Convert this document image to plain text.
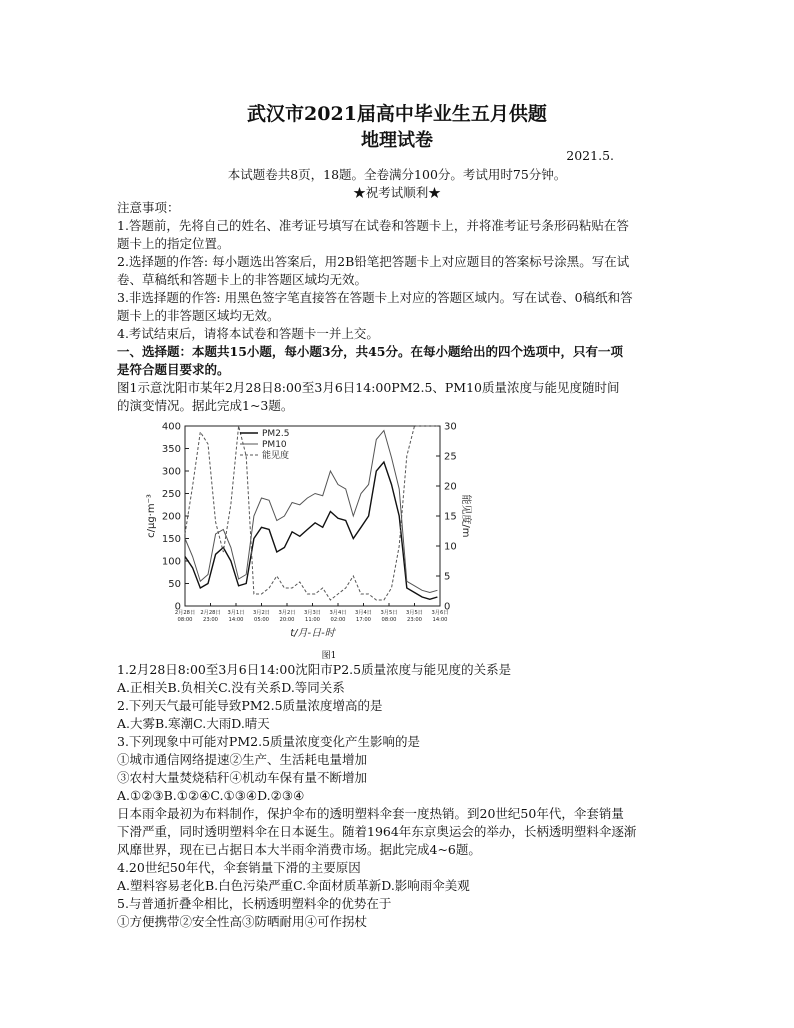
武汉市2021届高中毕业生五月供题
地理试卷
2021.5.
本试题卷共8页，18题。全卷满分100分。考试用时75分钟。
★祝考试顺利★
注意事项：
1.答题前，先将自己的姓名、准考证号填写在试卷和答题卡上，并将准考证号条形码粘贴在答
题卡上的指定位置。
2.选择题的作答: 每小题选出答案后，用2B铅笔把答题卡上对应题目的答案标号涂黑。写在试
卷、草稿纸和答题卡上的非答题区域均无效。
3.非选择题的作答: 用黑色签字笔直接答在答题卡上对应的答题区域内。写在试卷、0稿纸和答
题卡上的非答题区域均无效。
4.考试结束后，请将本试卷和答题卡一并上交。
一、选择题：本题共15小题，每小题3分，共45分。在每小题给出的四个选项中，只有一项
是符合题目要求的。
图1示意沈阳市某年2月28日8:00至3月6日14:00PM2.5、PM10质量浓度与能见度随时间
的演变情况。据此完成1~3题。
0
50
100
150
200
250
300
350
400
0
5
10
15
20
25
30
2月28日
08:00
2月28日
23:00
3月1日
14:00
3月2日
05:00
3月2日
20:00
3月3日
11:00
3月4日
02:00
3月4日
17:00
3月5日
08:00
3月5日
23:00
3月6日
14:00
c/μg·m⁻³	能见度/m
t/月-日-时
PM2.5
PM10
能见度
图1
1.2月28日8:00至3月6日14:00沈阳市P2.5质量浓度与能见度的关系是
A.正相关B.负相关C.没有关系D.等同关系
2.下列天气最可能导致PM2.5质量浓度增高的是
A.大雾B.寒潮C.大雨D.晴天
3.下列现象中可能对PM2.5质量浓度变化产生影响的是
①城市通信网络提速②生产、生活耗电量增加
③农村大量焚烧秸秆④机动车保有量不断增加
A.①②③B.①②④C.①③④D.②③④
日本雨伞最初为布料制作，保护伞布的透明塑料伞套一度热销。到20世纪50年代，伞套销量
下滑严重，同时透明塑料伞在日本诞生。随着1964年东京奥运会的举办，长柄透明塑料伞逐渐
风靡世界，现在已占据日本大半雨伞消费市场。据此完成4~6题。
4.20世纪50年代，伞套销量下滑的主要原因
A.塑料容易老化B.白色污染严重C.伞面材质革新D.影响雨伞美观
5.与普通折叠伞相比，长柄透明塑料伞的优势在于
①方便携带②安全性高③防晒耐用④可作拐杖
